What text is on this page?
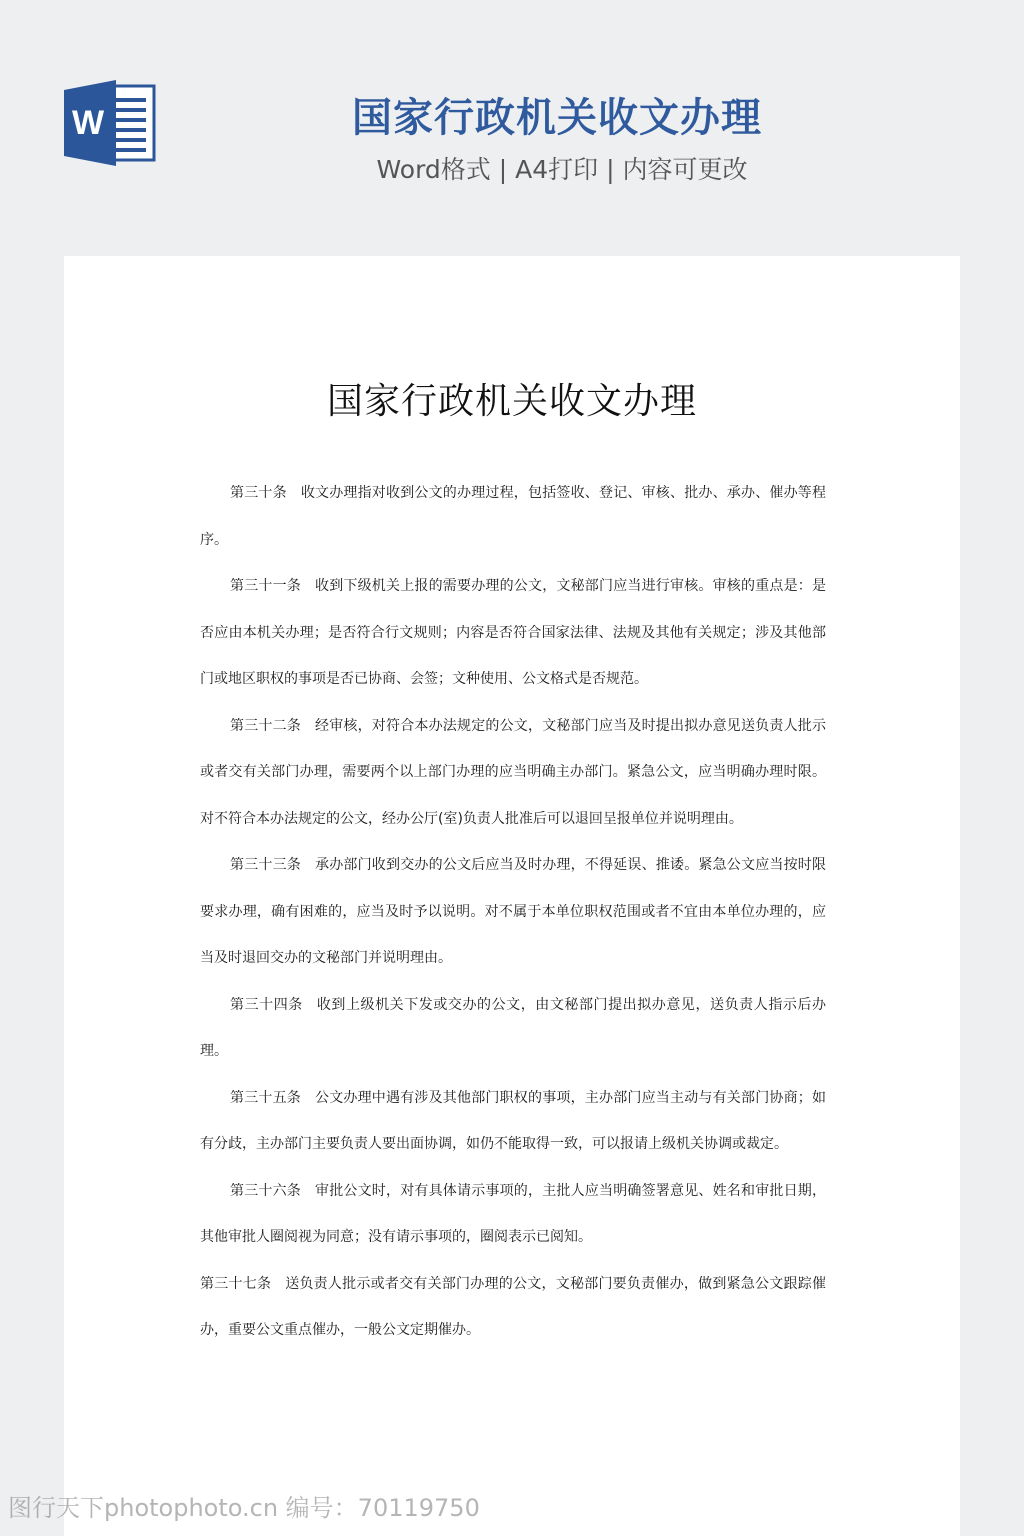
W	国家行政机关收文办理
Word格式 | A4打印 | 内容可更改
国家行政机关收文办理

第三十条 收文办理指对收到公文的办理过程，包括签收、登记、审核、批办、承办、催办等程序。

第三十一条 收到下级机关上报的需要办理的公文，文秘部门应当进行审核。审核的重点是：是否应由本机关办理；是否符合行文规则；内容是否符合国家法律、法规及其他有关规定；涉及其他部门或地区职权的事项是否已协商、会签；文种使用、公文格式是否规范。

第三十二条 经审核，对符合本办法规定的公文，文秘部门应当及时提出拟办意见送负责人批示或者交有关部门办理，需要两个以上部门办理的应当明确主办部门。紧急公文，应当明确办理时限。对不符合本办法规定的公文，经办公厅(室)负责人批准后可以退回呈报单位并说明理由。

第三十三条 承办部门收到交办的公文后应当及时办理，不得延误、推诿。紧急公文应当按时限要求办理，确有困难的，应当及时予以说明。对不属于本单位职权范围或者不宜由本单位办理的，应当及时退回交办的文秘部门并说明理由。

第三十四条 收到上级机关下发或交办的公文，由文秘部门提出拟办意见，送负责人指示后办理。

第三十五条 公文办理中遇有涉及其他部门职权的事项，主办部门应当主动与有关部门协商；如有分歧，主办部门主要负责人要出面协调，如仍不能取得一致，可以报请上级机关协调或裁定。

第三十六条 审批公文时，对有具体请示事项的，主批人应当明确签署意见、姓名和审批日期，其他审批人圈阅视为同意；没有请示事项的，圈阅表示已阅知。

第三十七条 送负责人批示或者交有关部门办理的公文，文秘部门要负责催办，做到紧急公文跟踪催办，重要公文重点催办，一般公文定期催办。

图行天下photophoto.cn 编号：70119750
